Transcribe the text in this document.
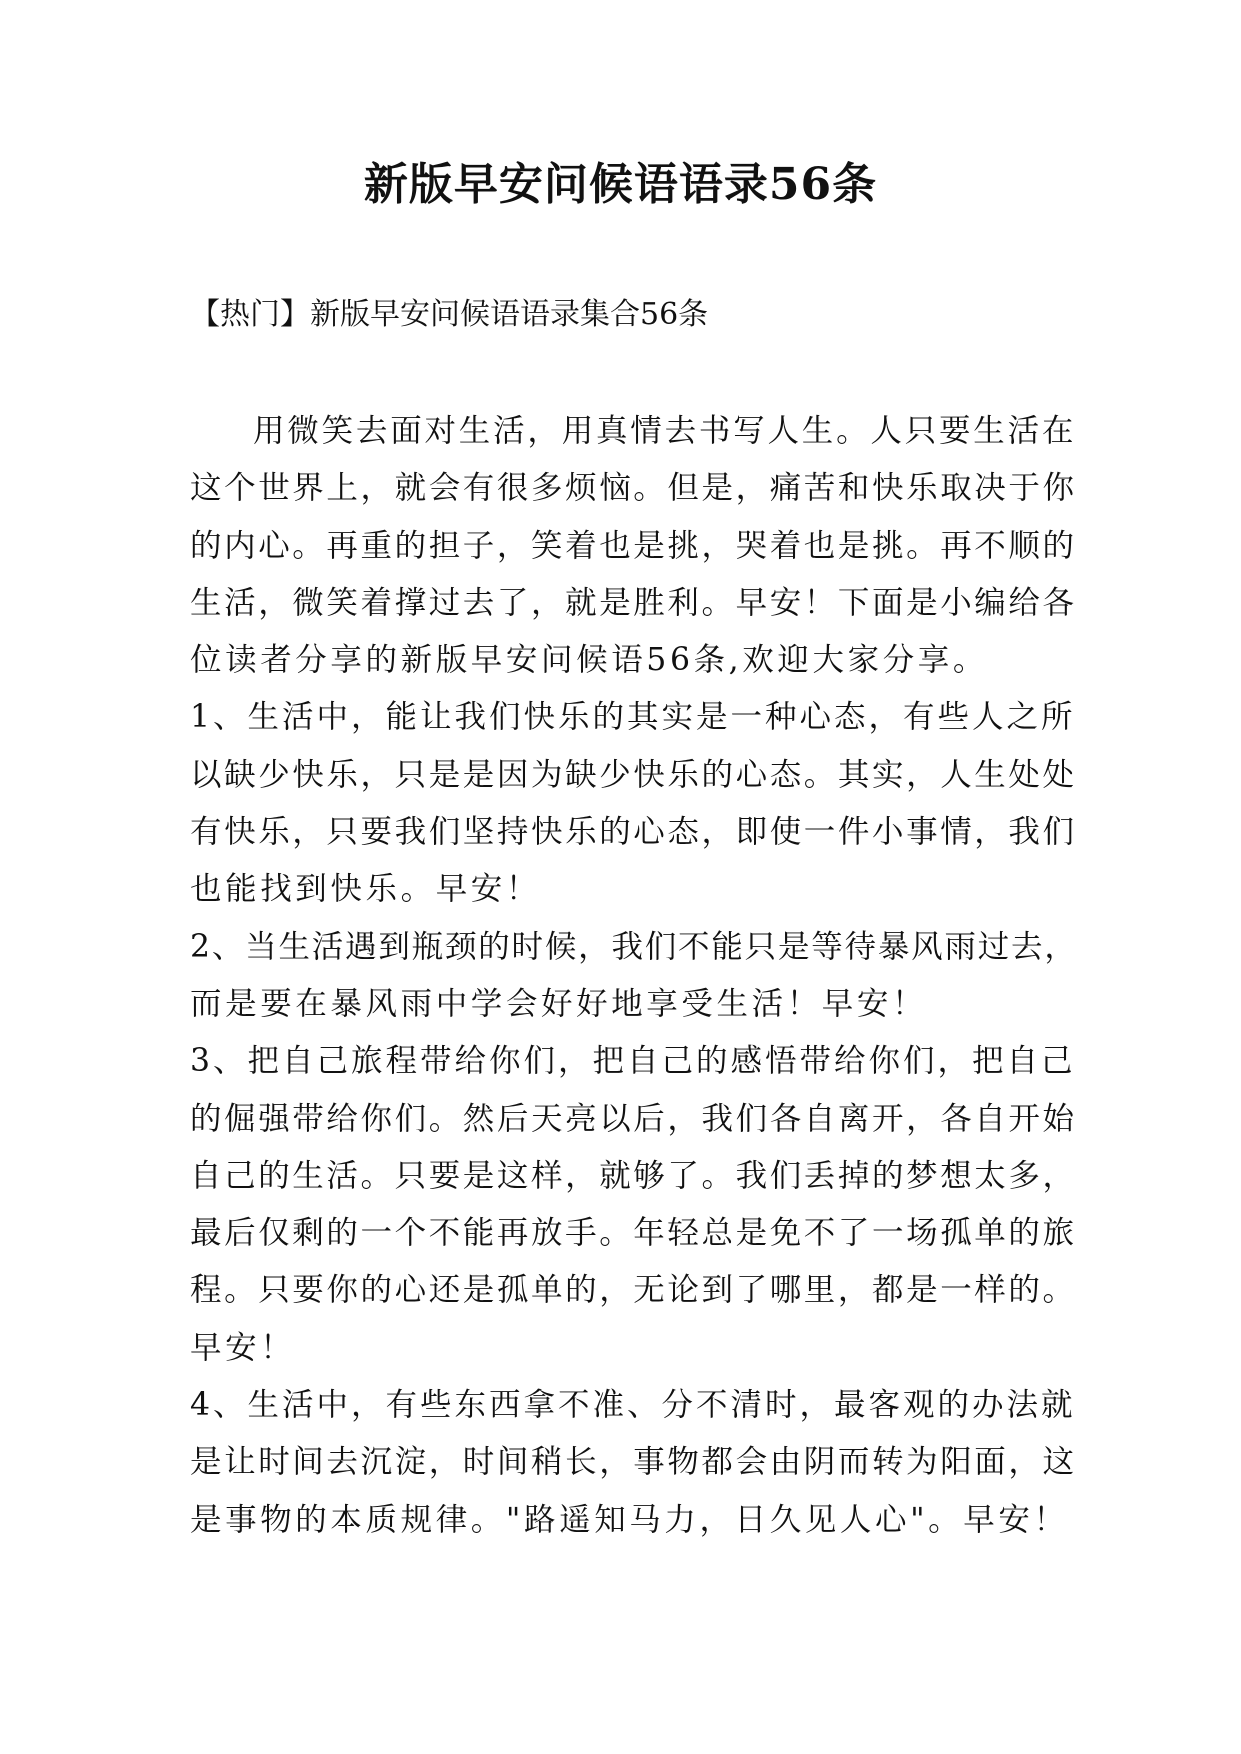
新版早安问候语语录56条

【热门】新版早安问候语语录集合56条

用微笑去面对生活，用真情去书写人生。人只要生活在
这个世界上，就会有很多烦恼。但是，痛苦和快乐取决于你
的内心。再重的担子，笑着也是挑，哭着也是挑。再不顺的
生活，微笑着撑过去了，就是胜利。早安！下面是小编给各
位读者分享的新版早安问候语56条,欢迎大家分享。
1、生活中，能让我们快乐的其实是一种心态，有些人之所
以缺少快乐，只是是因为缺少快乐的心态。其实，人生处处
有快乐，只要我们坚持快乐的心态，即使一件小事情，我们
也能找到快乐。早安！
2、当生活遇到瓶颈的时候，我们不能只是等待暴风雨过去，
而是要在暴风雨中学会好好地享受生活！早安！
3、把自己旅程带给你们，把自己的感悟带给你们，把自己
的倔强带给你们。然后天亮以后，我们各自离开，各自开始
自己的生活。只要是这样，就够了。我们丢掉的梦想太多，
最后仅剩的一个不能再放手。年轻总是免不了一场孤单的旅
程。只要你的心还是孤单的，无论到了哪里，都是一样的。
早安！
4、生活中，有些东西拿不准、分不清时，最客观的办法就
是让时间去沉淀，时间稍长，事物都会由阴而转为阳面，这
是事物的本质规律。"路遥知马力，日久见人心"。早安！
